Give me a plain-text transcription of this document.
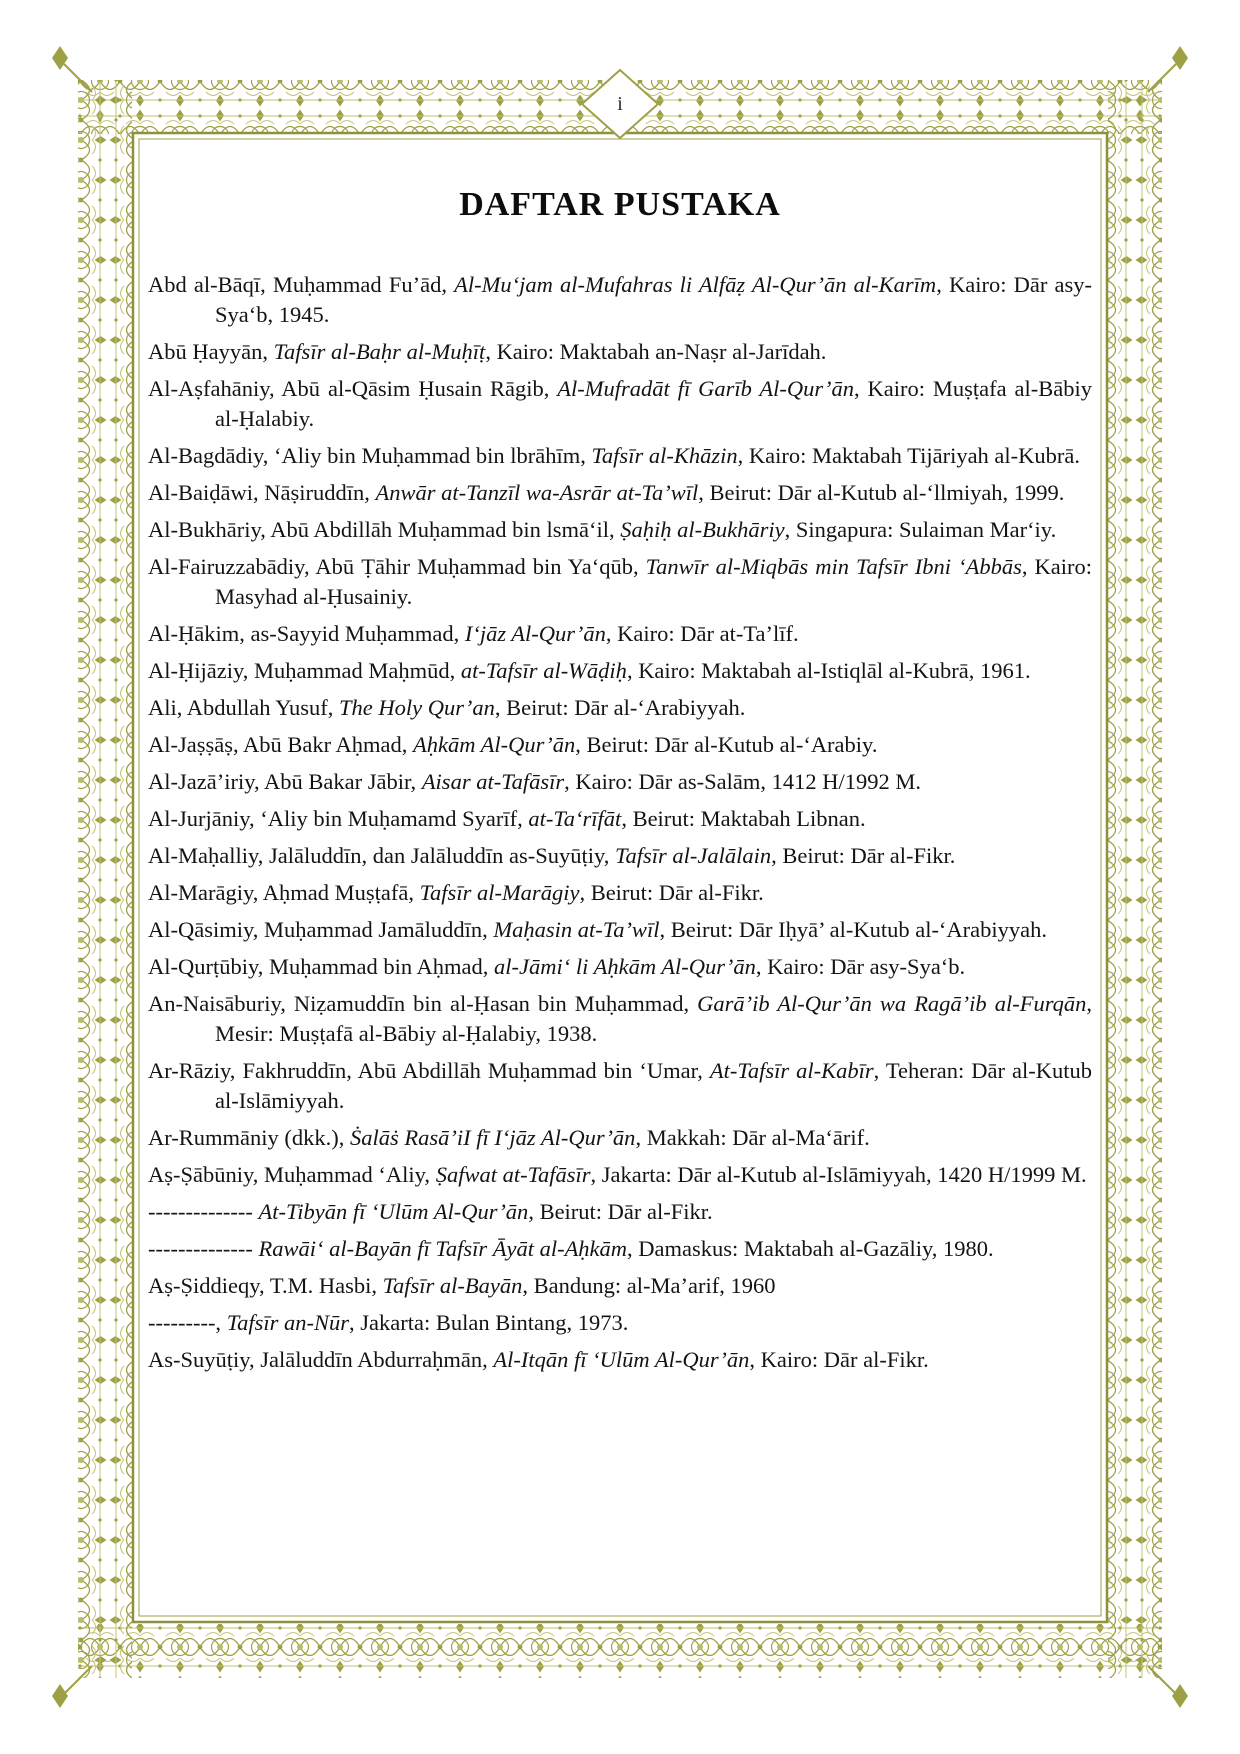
i
DAFTAR PUSTAKA

Abd al-Bāqī, Muḥammad Fu’ād, Al-Mu‘jam al-Mufahras li Alfāẓ Al-Qur’ān al-Karīm, Kairo: Dār asy-Sya‘b, 1945.

Abū Ḥayyān, Tafsīr al-Baḥr al-Muḥīṭ, Kairo: Maktabah an-Naṣr al-Jarīdah.

Al-Aṣfahāniy, Abū al-Qāsim Ḥusain Rāgib, Al-Mufradāt fī Garīb Al-Qur’ān, Kairo: Muṣṭafa al-Bābiy al-Ḥalabiy.

Al-Bagdādiy, ‘Aliy bin Muḥammad bin lbrāhīm, Tafsīr al-Khāzin, Kairo: Maktabah Tijāriyah al-Kubrā.

Al-Baiḍāwi, Nāṣiruddīn, Anwār at-Tanzīl wa-Asrār at-Ta’wīl, Beirut: Dār al-Kutub al-‘llmiyah, 1999.

Al-Bukhāriy, Abū Abdillāh Muḥammad bin lsmā‘il, Ṣaḥiḥ al-Bukhāriy, Singapura: Sulaiman Mar‘iy.

Al-Fairuzzabādiy, Abū Ṭāhir Muḥammad bin Ya‘qūb, Tanwīr al-Miqbās min Tafsīr Ibni ‘Abbās, Kairo: Masyhad al-Ḥusainiy.

Al-Ḥākim, as-Sayyid Muḥammad, I‘jāz Al-Qur’ān, Kairo: Dār at-Ta’līf.

Al-Ḥijāziy, Muḥammad Maḥmūd, at-Tafsīr al-Wāḍiḥ, Kairo: Maktabah al-Istiqlāl al-Kubrā, 1961.

Ali, Abdullah Yusuf, The Holy Qur’an, Beirut: Dār al-‘Arabiyyah.

Al-Jaṣṣāṣ, Abū Bakr Aḥmad, Aḥkām Al-Qur’ān, Beirut: Dār al-Kutub al-‘Arabiy.

Al-Jazā’iriy, Abū Bakar Jābir, Aisar at-Tafāsīr, Kairo: Dār as-Salām, 1412 H/1992 M.

Al-Jurjāniy, ‘Aliy bin Muḥamamd Syarīf, at-Ta‘rīfāt, Beirut: Maktabah Libnan.

Al-Maḥalliy, Jalāluddīn, dan Jalāluddīn as-Suyūṭiy, Tafsīr al-Jalālain, Beirut: Dār al-Fikr.

Al-Marāgiy, Aḥmad Muṣṭafā, Tafsīr al-Marāgiy, Beirut: Dār al-Fikr.

Al-Qāsimiy, Muḥammad Jamāluddīn, Maḥasin at-Ta’wīl, Beirut: Dār Iḥyā’ al-Kutub al-‘Arabiyyah.

Al-Qurṭūbiy, Muḥammad bin Aḥmad, al-Jāmi‘ li Aḥkām Al-Qur’ān, Kairo: Dār asy-Sya‘b.

An-Naisāburiy, Niẓamuddīn bin al-Ḥasan bin Muḥammad, Garā’ib Al-Qur’ān wa Ragā’ib al-Furqān, Mesir: Muṣṭafā al-Bābiy al-Ḥalabiy, 1938.

Ar-Rāziy, Fakhruddīn, Abū Abdillāh Muḥammad bin ‘Umar, At-Tafsīr al-Kabīr, Teheran: Dār al-Kutub al-Islāmiyyah.

Ar-Rummāniy (dkk.), Ṡalāṡ Rasā’iI fī I‘jāz Al-Qur’ān, Makkah: Dār al-Ma‘ārif.

Aṣ-Ṣābūniy, Muḥammad ‘Aliy, Ṣafwat at-Tafāsīr, Jakarta: Dār al-Kutub al-Islāmiyyah, 1420 H/1999 M.

-------------- At-Tibyān fī ‘Ulūm Al-Qur’ān, Beirut: Dār al-Fikr.

-------------- Rawāi‘ al-Bayān fī Tafsīr Āyāt al-Aḥkām, Damaskus: Maktabah al-Gazāliy, 1980.

Aṣ-Ṣiddieqy, T.M. Hasbi, Tafsīr al-Bayān, Bandung: al-Ma’arif, 1960

---------, Tafsīr an-Nūr, Jakarta: Bulan Bintang, 1973.

As-Suyūṭiy, Jalāluddīn Abdurraḥmān, Al-Itqān fī ‘Ulūm Al-Qur’ān, Kairo: Dār al-Fikr.
